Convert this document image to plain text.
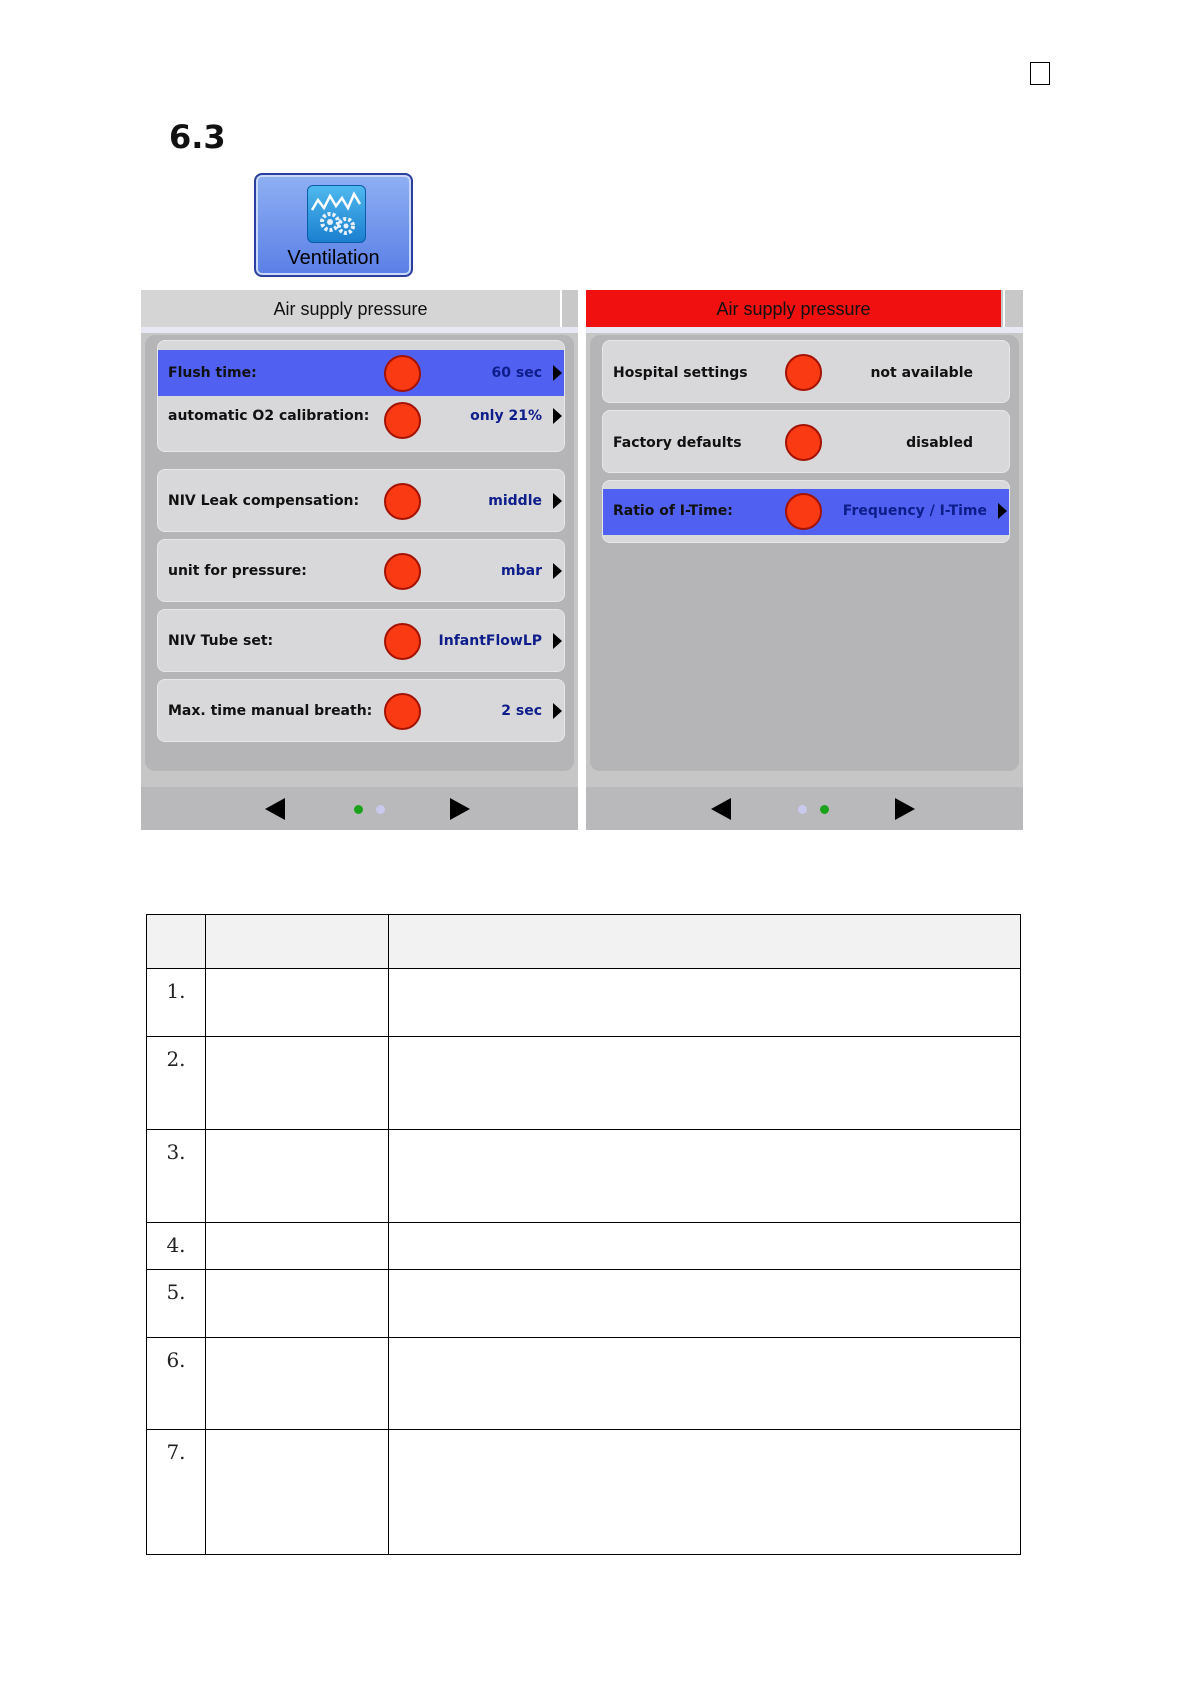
6.3
Ventilation
Air supply pressure
Flush time:	60 sec
automatic O2 calibration:	only 21%
NIV Leak compensation:	middle
unit for pressure:	mbar
NIV Tube set:	InfantFlowLP
Max. time manual breath:	2 sec
Air supply pressure
Hospital settings	not available
Factory defaults	disabled
Ratio of I-Time:	Frequency / I-Time

1.		
2.		
3.		
4.		
5.		
6.		
7.		
